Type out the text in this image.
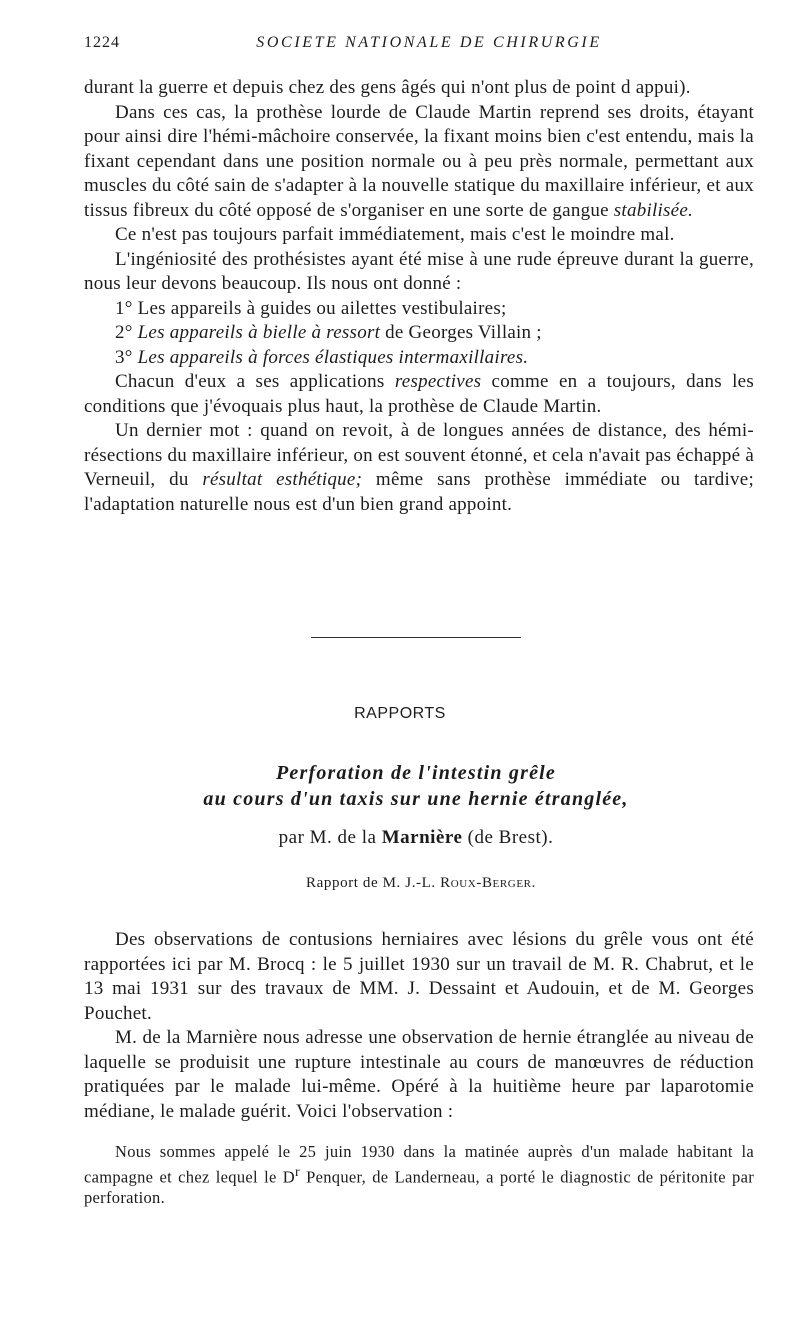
1224	SOCIETE NATIONALE DE CHIRURGIE

durant la guerre et depuis chez des gens âgés qui n'ont plus de point d appui).

Dans ces cas, la prothèse lourde de Claude Martin reprend ses droits, étayant pour ainsi dire l'hémi-mâchoire conservée, la fixant moins bien c'est entendu, mais la fixant cependant dans une position normale ou à peu près normale, permettant aux muscles du côté sain de s'adapter à la nouvelle statique du maxillaire inférieur, et aux tissus fibreux du côté opposé de s'organiser en une sorte de gangue stabilisée.

Ce n'est pas toujours parfait immédiatement, mais c'est le moindre mal.

L'ingéniosité des prothésistes ayant été mise à une rude épreuve durant la guerre, nous leur devons beaucoup. Ils nous ont donné :

1° Les appareils à guides ou ailettes vestibulaires;

2° Les appareils à bielle à ressort de Georges Villain ;

3° Les appareils à forces élastiques intermaxillaires.

Chacun d'eux a ses applications respectives comme en a toujours, dans les conditions que j'évoquais plus haut, la prothèse de Claude Martin.

Un dernier mot : quand on revoit, à de longues années de distance, des hémi-résections du maxillaire inférieur, on est souvent étonné, et cela n'avait pas échappé à Verneuil, du résultat esthétique; même sans prothèse immédiate ou tardive; l'adaptation naturelle nous est d'un bien grand appoint.

RAPPORTS
Perforation de l'intestin grêle
au cours d'un taxis sur une hernie étranglée,
par M. de la Marnière (de Brest).
Rapport de M. J.-L. Roux-Berger.

Des observations de contusions herniaires avec lésions du grêle vous ont été rapportées ici par M. Brocq : le 5 juillet 1930 sur un travail de M. R. Chabrut, et le 13 mai 1931 sur des travaux de MM. J. Dessaint et Audouin, et de M. Georges Pouchet.

M. de la Marnière nous adresse une observation de hernie étranglée au niveau de laquelle se produisit une rupture intestinale au cours de manœuvres de réduction pratiquées par le malade lui-même. Opéré à la huitième heure par laparotomie médiane, le malade guérit. Voici l'observation :

Nous sommes appelé le 25 juin 1930 dans la matinée auprès d'un malade habitant la campagne et chez lequel le $D^r$ Penquer, de Landerneau, a porté le diagnostic de péritonite par perforation.
